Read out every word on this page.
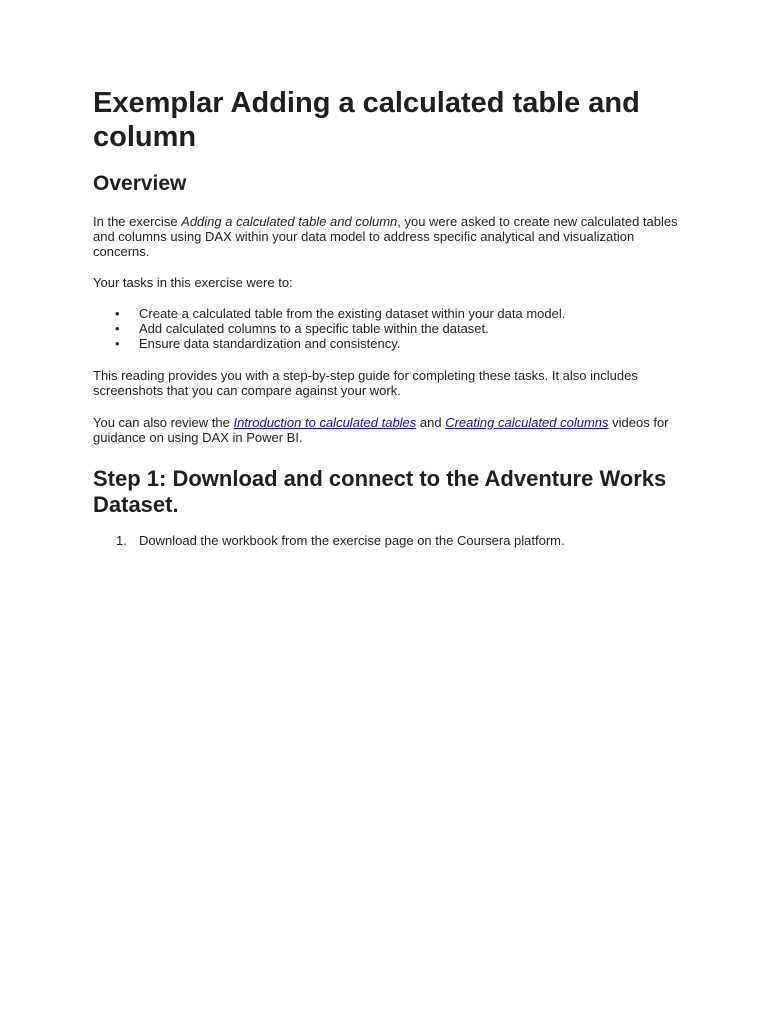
Exemplar Adding a calculated table and column
Overview

In the exercise Adding a calculated table and column, you were asked to create new calculated tables and columns using DAX within your data model to address specific analytical and visualization concerns.

Your tasks in this exercise were to:

• Create a calculated table from the existing dataset within your data model.
• Add calculated columns to a specific table within the dataset.
• Ensure data standardization and consistency.

This reading provides you with a step-by-step guide for completing these tasks. It also includes screenshots that you can compare against your work.

You can also review the Introduction to calculated tables and Creating calculated columns videos for guidance on using DAX in Power BI.

Step 1: Download and connect to the Adventure Works Dataset.
1. Download the workbook from the exercise page on the Coursera platform.
